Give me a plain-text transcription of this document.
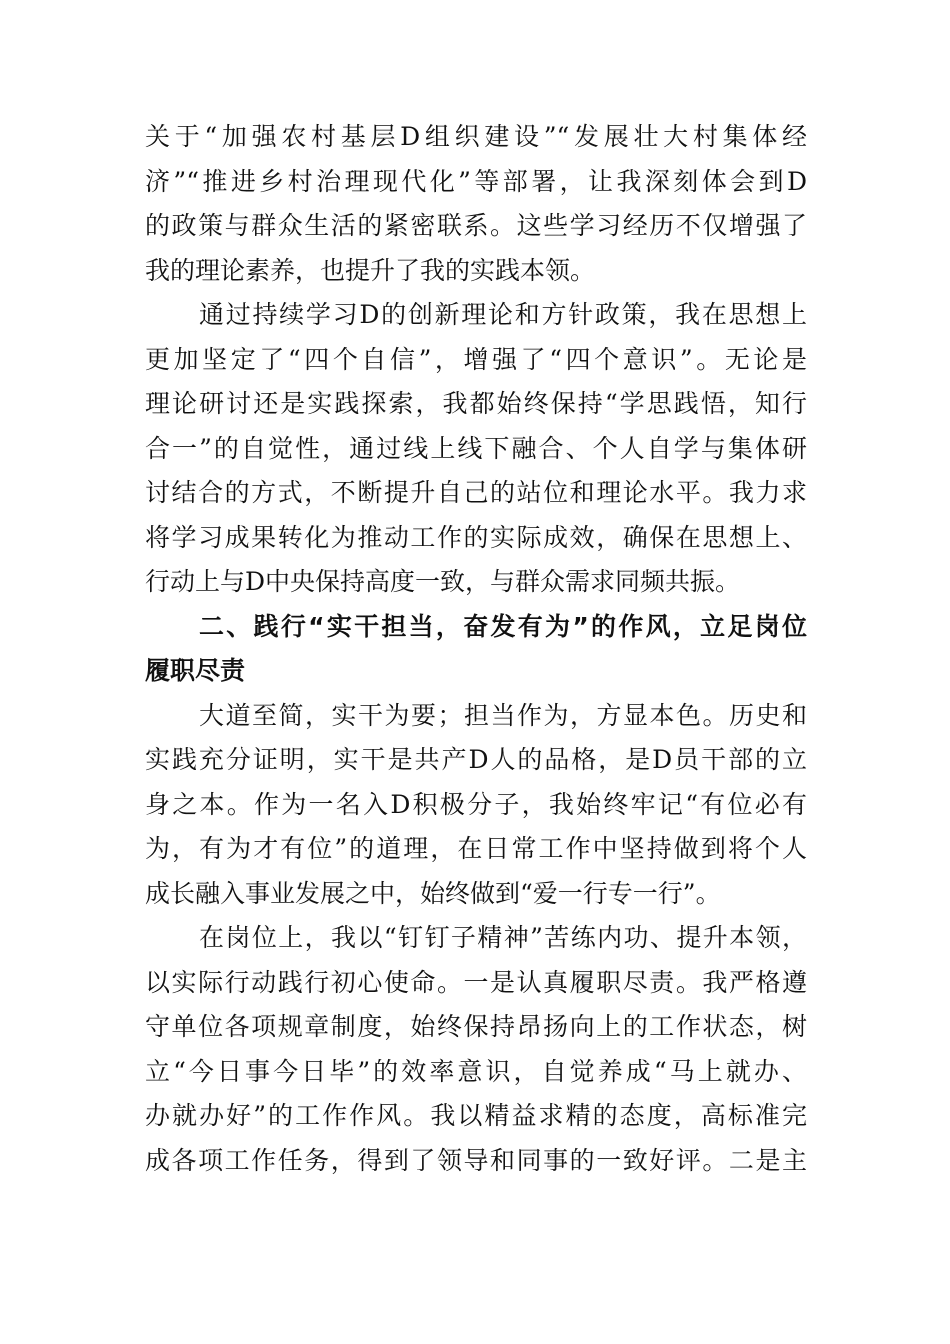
关于“加强农村基层D组织建设”“发展壮大村集体经
济”“推进乡村治理现代化”等部署，让我深刻体会到D
的政策与群众生活的紧密联系。这些学习经历不仅增强了
我的理论素养，也提升了我的实践本领。
通过持续学习D的创新理论和方针政策，我在思想上
更加坚定了“四个自信”，增强了“四个意识”。无论是
理论研讨还是实践探索，我都始终保持“学思践悟，知行
合一”的自觉性，通过线上线下融合、个人自学与集体研
讨结合的方式，不断提升自己的站位和理论水平。我力求
将学习成果转化为推动工作的实际成效，确保在思想上、
行动上与D中央保持高度一致，与群众需求同频共振。
二、践行“实干担当，奋发有为”的作风，立足岗位
履职尽责
大道至简，实干为要；担当作为，方显本色。历史和
实践充分证明，实干是共产D人的品格，是D员干部的立
身之本。作为一名入D积极分子，我始终牢记“有位必有
为，有为才有位”的道理，在日常工作中坚持做到将个人
成长融入事业发展之中，始终做到“爱一行专一行”。
在岗位上，我以“钉钉子精神”苦练内功、提升本领，
以实际行动践行初心使命。一是认真履职尽责。我严格遵
守单位各项规章制度，始终保持昂扬向上的工作状态，树
立“今日事今日毕”的效率意识，自觉养成“马上就办、
办就办好”的工作作风。我以精益求精的态度，高标准完
成各项工作任务，得到了领导和同事的一致好评。二是主
